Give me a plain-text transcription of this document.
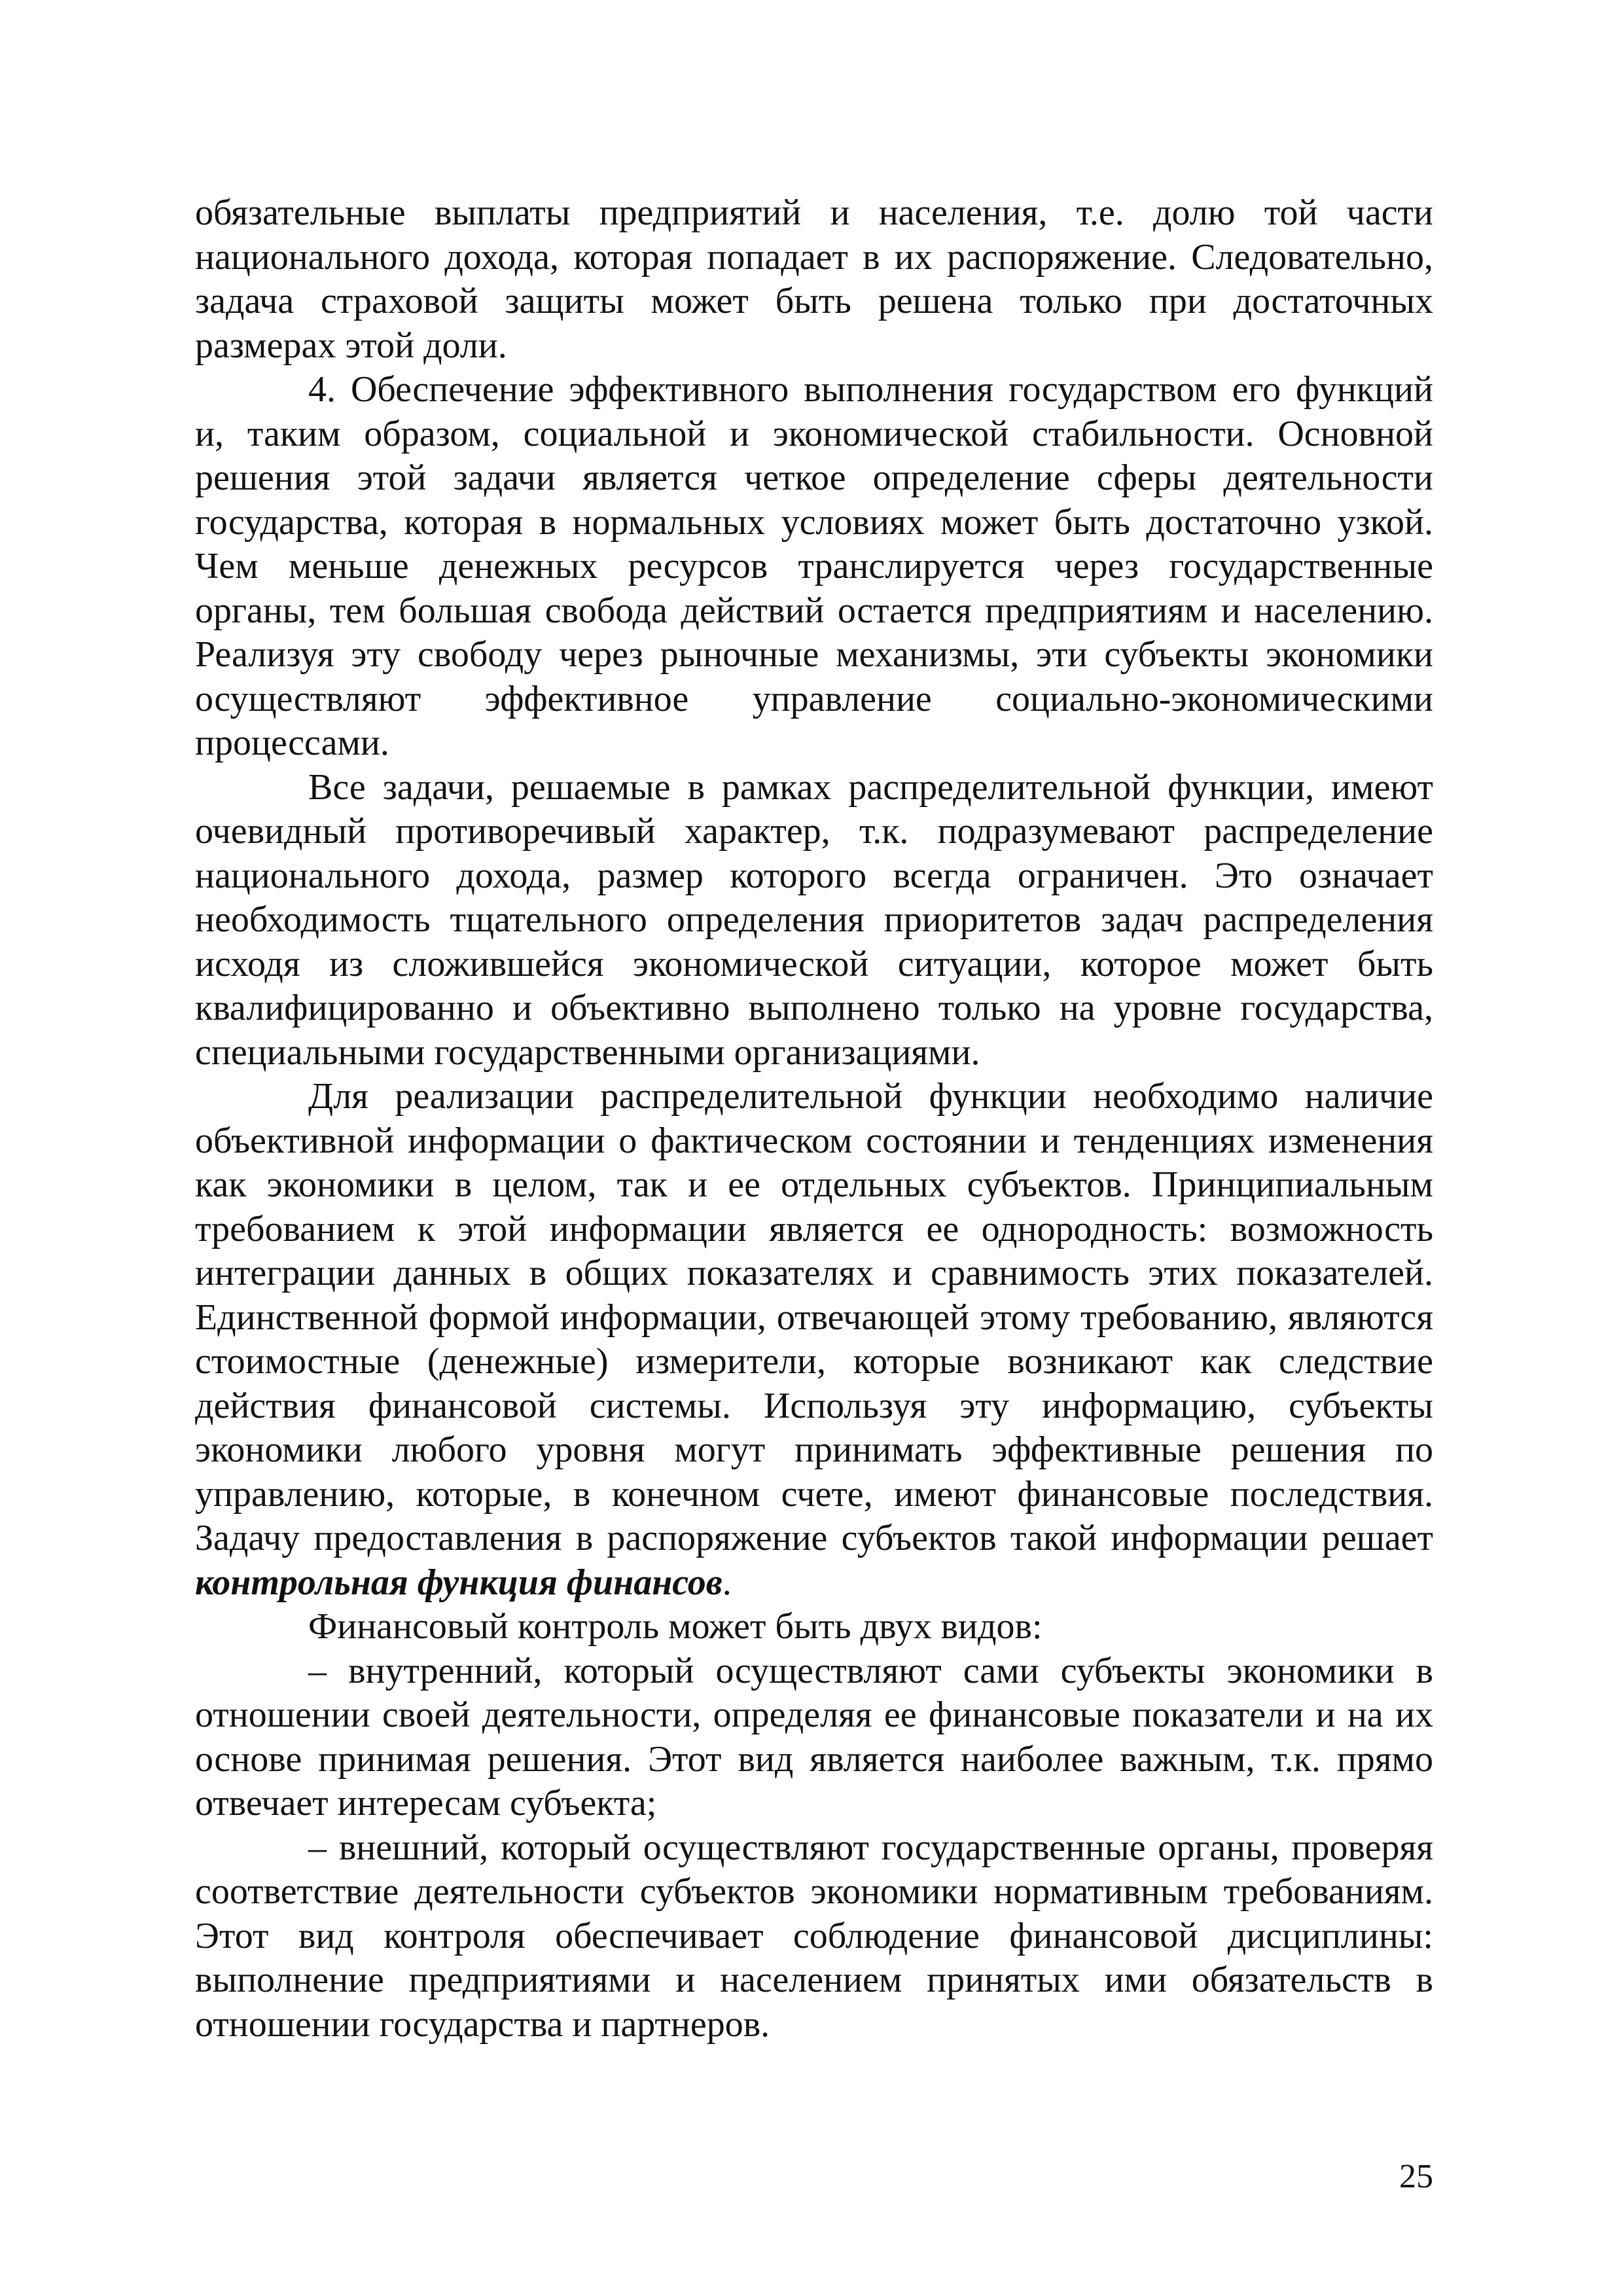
обязательные выплаты предприятий и населения, т.е. долю той части национального дохода, которая попадает в их распоряжение. Следовательно, задача страховой защиты может быть решена только при достаточных размерах этой доли.

4. Обеспечение эффективного выполнения государством его функций и, таким образом, социальной и экономической стабильности. Основной решения этой задачи является четкое определение сферы деятельности государства, которая в нормальных условиях может быть достаточно узкой. Чем меньше денежных ресурсов транслируется через государственные органы, тем большая свобода действий остается предприятиям и населению. Реализуя эту свободу через рыночные механизмы, эти субъекты экономики осуществляют эффективное управление социально-экономическими процессами.

Все задачи, решаемые в рамках распределительной функции, имеют очевидный противоречивый характер, т.к. подразумевают распределение национального дохода, размер которого всегда ограничен. Это означает необходимость тщательного определения приоритетов задач распределения исходя из сложившейся экономической ситуации, которое может быть квалифицированно и объективно выполнено только на уровне государства, специальными государственными организациями.

Для реализации распределительной функции необходимо наличие объективной информации о фактическом состоянии и тенденциях изменения как экономики в целом, так и ее отдельных субъектов. Принципиальным требованием к этой информации является ее однородность: возможность интеграции данных в общих показателях и сравнимость этих показателей. Единственной формой информации, отвечающей этому требованию, являются стоимостные (денежные) измерители, которые возникают как следствие действия финансовой системы. Используя эту информацию, субъекты экономики любого уровня могут принимать эффективные решения по управлению, которые, в конечном счете, имеют финансовые последствия. Задачу предоставления в распоряжение субъектов такой информации решает контрольная функция финансов.

Финансовый контроль может быть двух видов:

– внутренний, который осуществляют сами субъекты экономики в отношении своей деятельности, определяя ее финансовые показатели и на их основе принимая решения. Этот вид является наиболее важным, т.к. прямо отвечает интересам субъекта;

– внешний, который осуществляют государственные органы, проверяя соответствие деятельности субъектов экономики нормативным требованиям. Этот вид контроля обеспечивает соблюдение финансовой дисциплины: выполнение предприятиями и населением принятых ими обязательств в отношении государства и партнеров.

25
